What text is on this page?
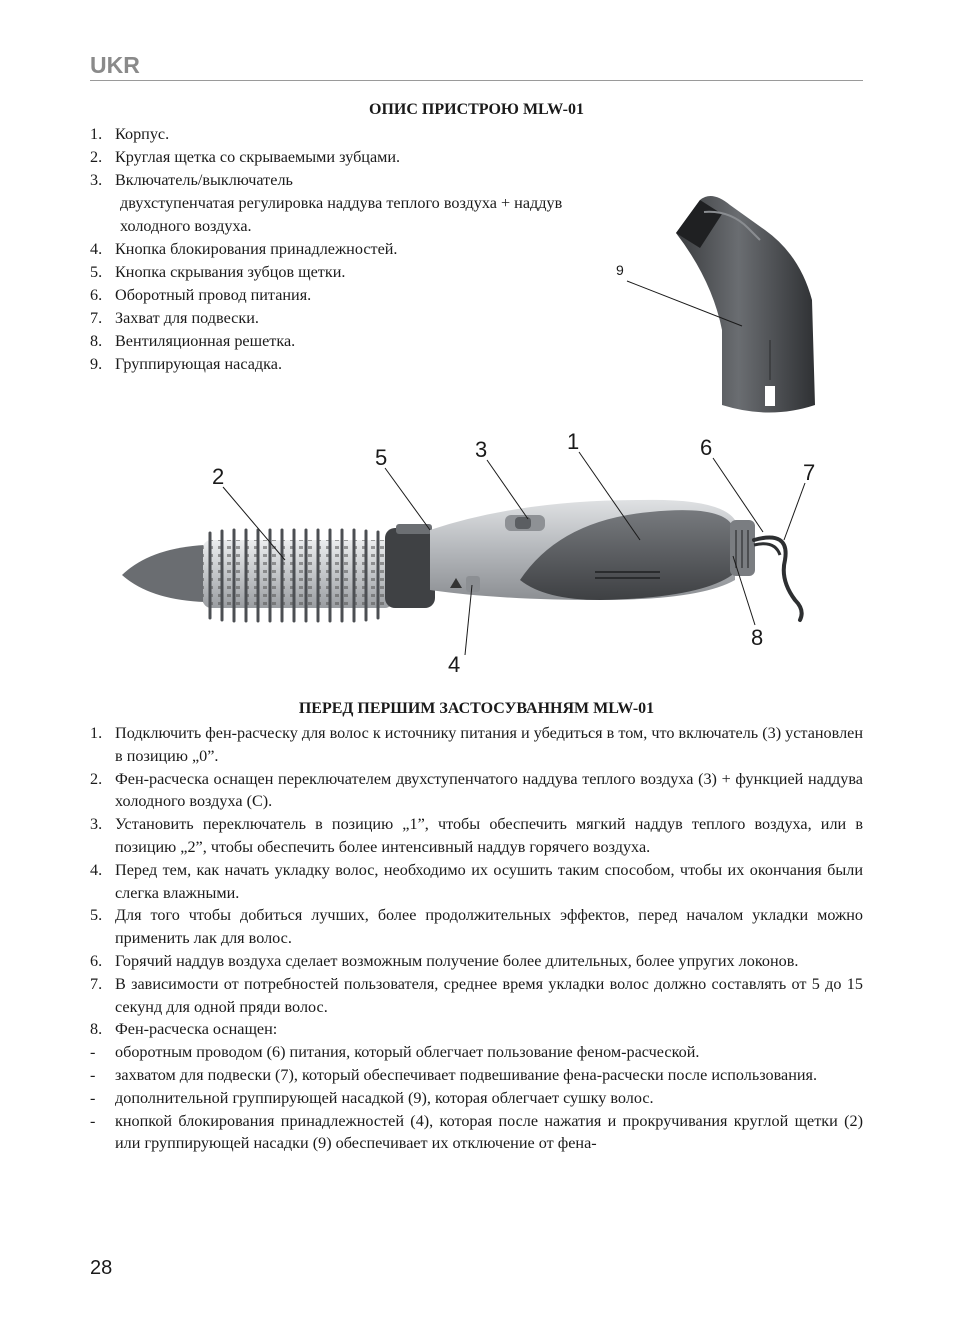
UKR
ОПИС ПРИСТРОЮ MLW-01
1. Корпус.
2. Круглая щетка со скрываемыми зубцами.
3. Включатель/выключатель
двухступенчатая регулировка наддува теплого воздуха + наддув холодного воздуха.
4. Кнопка блокирования принадлежностей.
5. Кнопка скрывания зубцов щетки.
6. Оборотный провод питания.
7. Захват для подвески.
8. Вентиляционная решетка.
9. Группирующая насадка.
9
2
5	3	1	6
7
8
4
ПЕРЕД ПЕРШИМ ЗАСТОСУВАННЯМ MLW-01
1. Подключить фен-расческу для волос к источнику питания и убедиться в том, что включатель (3) установлен в позицию „0”.
2. Фен-расческа оснащен переключателем двухступенчатого наддува теплого воздуха (3) + функцией наддува холодного воздуха (C).
3. Установить переключатель в позицию „1”, чтобы обеспечить мягкий наддув теплого воздуха, или в позицию „2”, чтобы обеспечить более интенсивный наддув горячего воздуха.
4. Перед тем, как начать укладку волос, необходимо их осушить таким способом, чтобы их окончания были слегка влажными.
5. Для того чтобы добиться лучших, более продолжительных эффектов, перед началом укладки можно применить лак для волос.
6. Горячий наддув воздуха сделает возможным получение более длительных, более упругих локонов.
7. В зависимости от потребностей пользователя, среднее время укладки волос должно составлять от 5 до 15 секунд для одной пряди волос.
8. Фен-расческа оснащен:
- оборотным проводом (6) питания, который облегчает пользование феном-расческой.
- захватом для подвески (7), который обеспечивает подвешивание фена-расчески после использования.
- дополнительной группирующей насадкой (9), которая облегчает сушку волос.
- кнопкой блокирования принадлежностей (4), которая после нажатия и прокручивания круглой щетки (2) или группирующей насадки (9) обеспечивает их отключение от фена-
28
